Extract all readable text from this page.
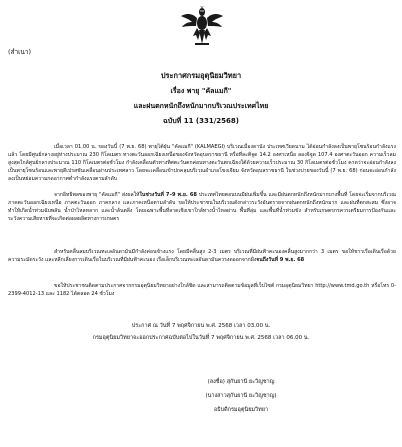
(สำเนา)
ประกาศกรมอุตุนิยมวิทยา
เรื่อง พายุ "คัลแมกี"
และฝนตกหนักถึงหนักมากบริเวณประเทศไทย
ฉบับที่ 11 (331/2568)
เมื่อเวลา 01.00 น. ของวันนี้ (7 พ.ย. 68) พายุไต้ฝุ่น "คัลแมกี" (KALMAEGI) บริเวณเมืองดานัง ประเทศเวียดนาม ได้อ่อนกำลังลงเป็นพายุโซนร้อนกำลังแรงแล้ว โดยมีศูนย์กลางอยู่ห่างประมาณ 230 กิโลเมตร ทางตะวันออกเฉียงเหนือของจังหวัดอุบลราชธานี หรือที่ละติจูด 14.2 องศาเหนือ ลองจิจูด 107.4 องศาตะวันออก ความเร็วลมสูงสุดใกล้ศูนย์กลางประมาณ 110 กิโลเมตรต่อชั่วโมง กำลังเคลื่อนตัวทางทิศตะวันตกค่อนทางตะวันตกเฉียงใต้ด้วยความเร็วประมาณ 30 กิโลเมตรต่อชั่วโมง คาดว่าจะอ่อนกำลังลงเป็นพายุโซนร้อนและพายุดีเปรสชันเคลื่อนผ่านประเทศลาว โดยจะเคลื่อนเข้าปกคลุมบริเวณอำเภอโขงเจียม จังหวัดอุบลราชธานี ในช่วงบ่ายของวันนี้ (7 พ.ย. 68) ก่อนจะอ่อนกำลังลงเป็นหย่อมความกดอากาศต่ำกำลังแรงตามลำดับ
จากอิทธิพลของพายุ "คัลแมกี" ส่งผลให้ในช่วงวันที่ 7–9 พ.ย. 68 ประเทศไทยตอนบนมีฝนเพิ่มขึ้น และมีฝนตกหนักถึงหนักมากบางพื้นที่ โดยจะเริ่มจากบริเวณภาคตะวันออกเฉียงเหนือ ภาคตะวันออก ภาคกลาง และภาคเหนือตามลำดับ ขอให้ประชาชนในบริเวณดังกล่าวระวังอันตรายจากฝนตกหนักถึงหนักมาก และฝนที่ตกสะสม ซึ่งอาจทำให้เกิดน้ำท่วมฉับพลัน น้ำป่าไหลหลาก และน้ำล้นตลิ่ง โดยเฉพาะพื้นที่ลาดเชิงเขาใกล้ทางน้ำไหลผ่าน พื้นที่ลุ่ม และพื้นที่น้ำท่วมขัง สำหรับเกษตรกรควรเตรียมการป้องกันและระวังความเสียหายที่จะเกิดต่อผลผลิตทางการเกษตร
สำหรับคลื่นลมบริเวณทะเลอันดามันมีกำลังค่อนข้างแรง โดยมีคลื่นสูง 2-3 เมตร บริเวณที่มีฝนฟ้าคะนองคลื่นสูงมากกว่า 3 เมตร ขอให้ชาวเรือเดินเรือด้วยความระมัดระวัง และหลีกเลี่ยงการเดินเรือในบริเวณที่มีฝนฟ้าคะนอง เรือเล็กบริเวณทะเลอันดามันควรงดออกจากฝั่งจนถึงวันที่ 9 พ.ย. 68
ขอให้ประชาชนติดตามประกาศจากกรมอุตุนิยมวิทยาอย่างใกล้ชิด และสามารถติดตามข้อมูลที่เว็บไซต์ กรมอุตุนิยมวิทยา http://www.tmd.go.th หรือโทร 0-2399-4012-13 และ 1182 ได้ตลอด 24 ชั่วโมง
ประกาศ ณ วันที่ 7 พฤศจิกายน พ.ศ. 2568 เวลา 03.00 น.
กรมอุตุนิยมวิทยาจะออกประกาศฉบับต่อไปในวันที่ 7 พฤศจิกายน พ.ศ. 2568 เวลา 06.00 น.
(ลงชื่อ) สุกันยานี ยะวิญชาญ
(นางสาวสุกันยานี ยะวิญชาญ)
อธิบดีกรมอุตุนิยมวิทยา
